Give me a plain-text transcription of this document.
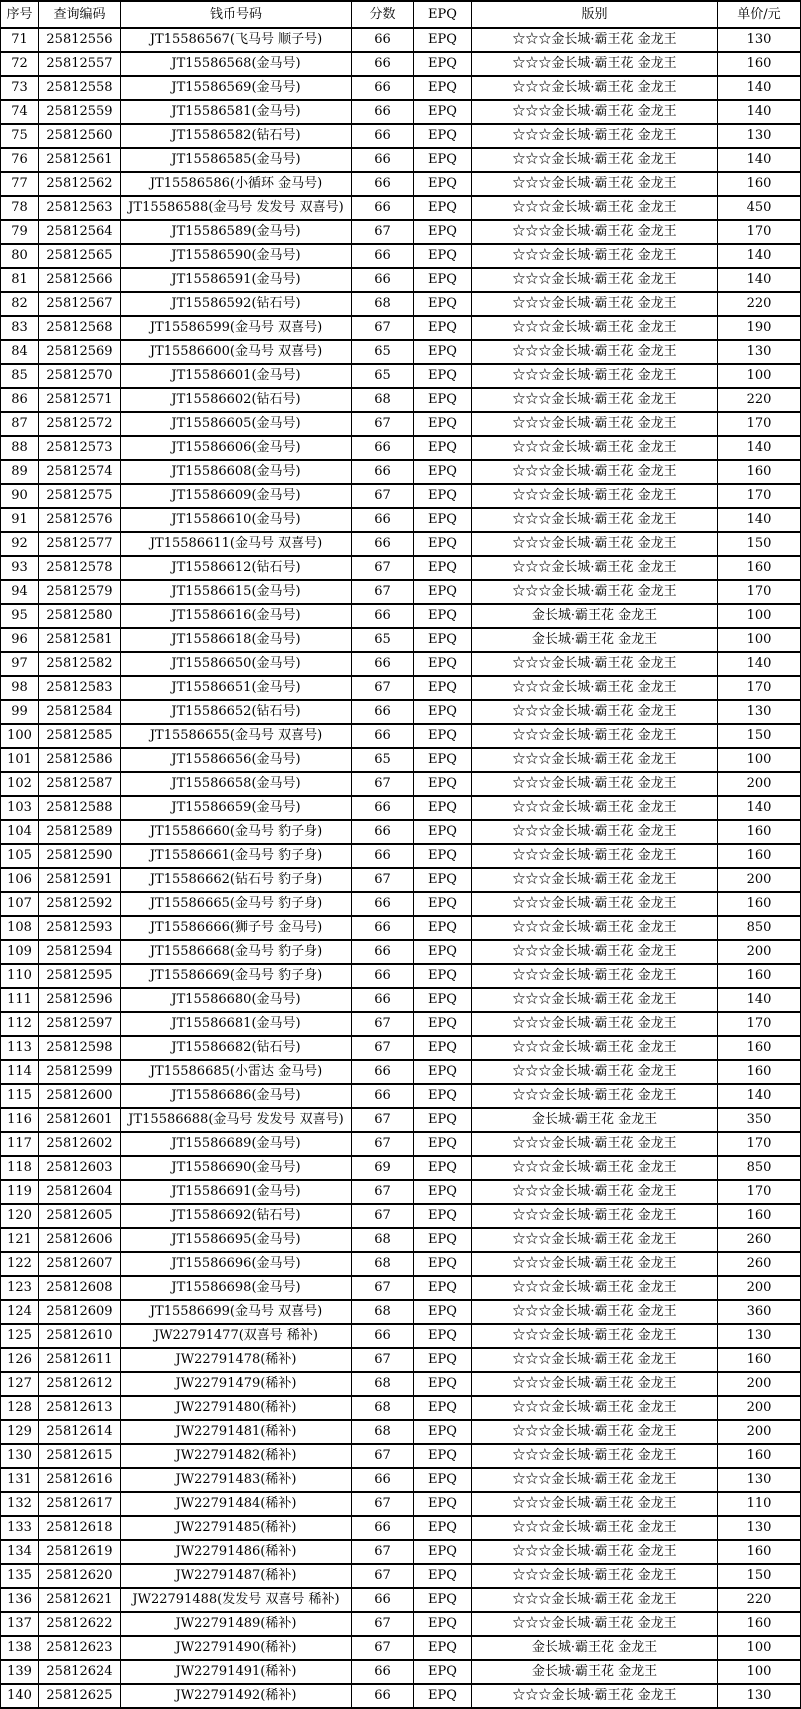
序号	查询编码	钱币号码	分数	EPQ	版别	单价/元
71	25812556	JT15586567(飞马号 顺子号)	66	EPQ	☆☆☆金长城·霸王花 金龙王	130
72	25812557	JT15586568(金马号)	66	EPQ	☆☆☆金长城·霸王花 金龙王	160
73	25812558	JT15586569(金马号)	66	EPQ	☆☆☆金长城·霸王花 金龙王	140
74	25812559	JT15586581(金马号)	66	EPQ	☆☆☆金长城·霸王花 金龙王	140
75	25812560	JT15586582(钻石号)	66	EPQ	☆☆☆金长城·霸王花 金龙王	130
76	25812561	JT15586585(金马号)	66	EPQ	☆☆☆金长城·霸王花 金龙王	140
77	25812562	JT15586586(小循环 金马号)	66	EPQ	☆☆☆金长城·霸王花 金龙王	160
78	25812563	JT15586588(金马号 发发号 双喜号)	66	EPQ	☆☆☆金长城·霸王花 金龙王	450
79	25812564	JT15586589(金马号)	67	EPQ	☆☆☆金长城·霸王花 金龙王	170
80	25812565	JT15586590(金马号)	66	EPQ	☆☆☆金长城·霸王花 金龙王	140
81	25812566	JT15586591(金马号)	66	EPQ	☆☆☆金长城·霸王花 金龙王	140
82	25812567	JT15586592(钻石号)	68	EPQ	☆☆☆金长城·霸王花 金龙王	220
83	25812568	JT15586599(金马号 双喜号)	67	EPQ	☆☆☆金长城·霸王花 金龙王	190
84	25812569	JT15586600(金马号 双喜号)	65	EPQ	☆☆☆金长城·霸王花 金龙王	130
85	25812570	JT15586601(金马号)	65	EPQ	☆☆☆金长城·霸王花 金龙王	100
86	25812571	JT15586602(钻石号)	68	EPQ	☆☆☆金长城·霸王花 金龙王	220
87	25812572	JT15586605(金马号)	67	EPQ	☆☆☆金长城·霸王花 金龙王	170
88	25812573	JT15586606(金马号)	66	EPQ	☆☆☆金长城·霸王花 金龙王	140
89	25812574	JT15586608(金马号)	66	EPQ	☆☆☆金长城·霸王花 金龙王	160
90	25812575	JT15586609(金马号)	67	EPQ	☆☆☆金长城·霸王花 金龙王	170
91	25812576	JT15586610(金马号)	66	EPQ	☆☆☆金长城·霸王花 金龙王	140
92	25812577	JT15586611(金马号 双喜号)	66	EPQ	☆☆☆金长城·霸王花 金龙王	150
93	25812578	JT15586612(钻石号)	67	EPQ	☆☆☆金长城·霸王花 金龙王	160
94	25812579	JT15586615(金马号)	67	EPQ	☆☆☆金长城·霸王花 金龙王	170
95	25812580	JT15586616(金马号)	66	EPQ	金长城·霸王花 金龙王	100
96	25812581	JT15586618(金马号)	65	EPQ	金长城·霸王花 金龙王	100
97	25812582	JT15586650(金马号)	66	EPQ	☆☆☆金长城·霸王花 金龙王	140
98	25812583	JT15586651(金马号)	67	EPQ	☆☆☆金长城·霸王花 金龙王	170
99	25812584	JT15586652(钻石号)	66	EPQ	☆☆☆金长城·霸王花 金龙王	130
100	25812585	JT15586655(金马号 双喜号)	66	EPQ	☆☆☆金长城·霸王花 金龙王	150
101	25812586	JT15586656(金马号)	65	EPQ	☆☆☆金长城·霸王花 金龙王	100
102	25812587	JT15586658(金马号)	67	EPQ	☆☆☆金长城·霸王花 金龙王	200
103	25812588	JT15586659(金马号)	66	EPQ	☆☆☆金长城·霸王花 金龙王	140
104	25812589	JT15586660(金马号 豹子身)	66	EPQ	☆☆☆金长城·霸王花 金龙王	160
105	25812590	JT15586661(金马号 豹子身)	66	EPQ	☆☆☆金长城·霸王花 金龙王	160
106	25812591	JT15586662(钻石号 豹子身)	67	EPQ	☆☆☆金长城·霸王花 金龙王	200
107	25812592	JT15586665(金马号 豹子身)	66	EPQ	☆☆☆金长城·霸王花 金龙王	160
108	25812593	JT15586666(狮子号 金马号)	66	EPQ	☆☆☆金长城·霸王花 金龙王	850
109	25812594	JT15586668(金马号 豹子身)	66	EPQ	☆☆☆金长城·霸王花 金龙王	200
110	25812595	JT15586669(金马号 豹子身)	66	EPQ	☆☆☆金长城·霸王花 金龙王	160
111	25812596	JT15586680(金马号)	66	EPQ	☆☆☆金长城·霸王花 金龙王	140
112	25812597	JT15586681(金马号)	67	EPQ	☆☆☆金长城·霸王花 金龙王	170
113	25812598	JT15586682(钻石号)	67	EPQ	☆☆☆金长城·霸王花 金龙王	160
114	25812599	JT15586685(小雷达 金马号)	66	EPQ	☆☆☆金长城·霸王花 金龙王	160
115	25812600	JT15586686(金马号)	66	EPQ	☆☆☆金长城·霸王花 金龙王	140
116	25812601	JT15586688(金马号 发发号 双喜号)	67	EPQ	金长城·霸王花 金龙王	350
117	25812602	JT15586689(金马号)	67	EPQ	☆☆☆金长城·霸王花 金龙王	170
118	25812603	JT15586690(金马号)	69	EPQ	☆☆☆金长城·霸王花 金龙王	850
119	25812604	JT15586691(金马号)	67	EPQ	☆☆☆金长城·霸王花 金龙王	170
120	25812605	JT15586692(钻石号)	67	EPQ	☆☆☆金长城·霸王花 金龙王	160
121	25812606	JT15586695(金马号)	68	EPQ	☆☆☆金长城·霸王花 金龙王	260
122	25812607	JT15586696(金马号)	68	EPQ	☆☆☆金长城·霸王花 金龙王	260
123	25812608	JT15586698(金马号)	67	EPQ	☆☆☆金长城·霸王花 金龙王	200
124	25812609	JT15586699(金马号 双喜号)	68	EPQ	☆☆☆金长城·霸王花 金龙王	360
125	25812610	JW22791477(双喜号 稀补)	66	EPQ	☆☆☆金长城·霸王花 金龙王	130
126	25812611	JW22791478(稀补)	67	EPQ	☆☆☆金长城·霸王花 金龙王	160
127	25812612	JW22791479(稀补)	68	EPQ	☆☆☆金长城·霸王花 金龙王	200
128	25812613	JW22791480(稀补)	68	EPQ	☆☆☆金长城·霸王花 金龙王	200
129	25812614	JW22791481(稀补)	68	EPQ	☆☆☆金长城·霸王花 金龙王	200
130	25812615	JW22791482(稀补)	67	EPQ	☆☆☆金长城·霸王花 金龙王	160
131	25812616	JW22791483(稀补)	66	EPQ	☆☆☆金长城·霸王花 金龙王	130
132	25812617	JW22791484(稀补)	67	EPQ	☆☆☆金长城·霸王花 金龙王	110
133	25812618	JW22791485(稀补)	66	EPQ	☆☆☆金长城·霸王花 金龙王	130
134	25812619	JW22791486(稀补)	67	EPQ	☆☆☆金长城·霸王花 金龙王	160
135	25812620	JW22791487(稀补)	67	EPQ	☆☆☆金长城·霸王花 金龙王	150
136	25812621	JW22791488(发发号 双喜号 稀补)	66	EPQ	☆☆☆金长城·霸王花 金龙王	220
137	25812622	JW22791489(稀补)	67	EPQ	☆☆☆金长城·霸王花 金龙王	160
138	25812623	JW22791490(稀补)	67	EPQ	金长城·霸王花 金龙王	100
139	25812624	JW22791491(稀补)	66	EPQ	金长城·霸王花 金龙王	100
140	25812625	JW22791492(稀补)	66	EPQ	☆☆☆金长城·霸王花 金龙王	130
